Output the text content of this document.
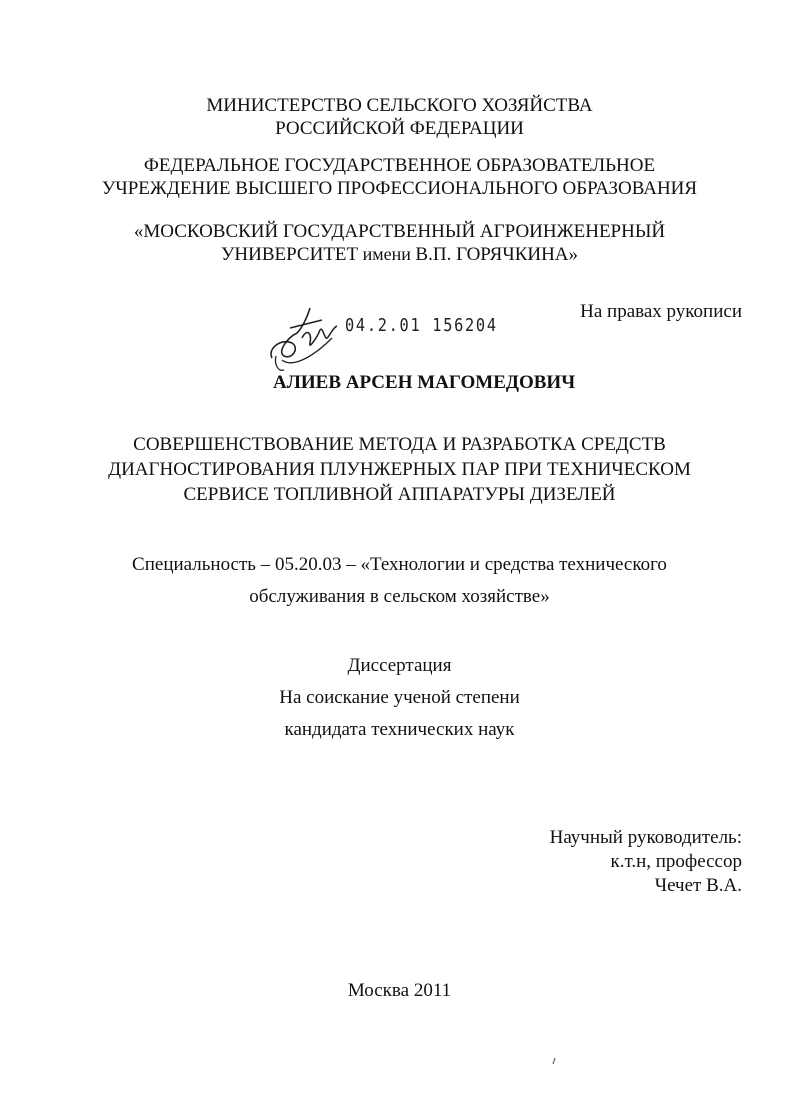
МИНИСТЕРСТВО СЕЛЬСКОГО ХОЗЯЙСТВА
РОССИЙСКОЙ ФЕДЕРАЦИИ
ФЕДЕРАЛЬНОЕ ГОСУДАРСТВЕННОЕ ОБРАЗОВАТЕЛЬНОЕ
УЧРЕЖДЕНИЕ ВЫСШЕГО ПРОФЕССИОНАЛЬНОГО ОБРАЗОВАНИЯ
«МОСКОВСКИЙ ГОСУДАРСТВЕННЫЙ АГРОИНЖЕНЕРНЫЙ
УНИВЕРСИТЕТ имени В.П. ГОРЯЧКИНА»
На правах рукописи
04.2.01 156204
АЛИЕВ АРСЕН МАГОМЕДОВИЧ
СОВЕРШЕНСТВОВАНИЕ МЕТОДА И РАЗРАБОТКА СРЕДСТВ
ДИАГНОСТИРОВАНИЯ ПЛУНЖЕРНЫХ ПАР ПРИ ТЕХНИЧЕСКОМ
СЕРВИСЕ ТОПЛИВНОЙ АППАРАТУРЫ ДИЗЕЛЕЙ
Специальность – 05.20.03 – «Технологии и средства технического
обслуживания в сельском хозяйстве»
Диссертация
На соискание ученой степени
кандидата технических наук
Научный руководитель:
к.т.н, профессор
Чечет В.А.
Москва 2011
